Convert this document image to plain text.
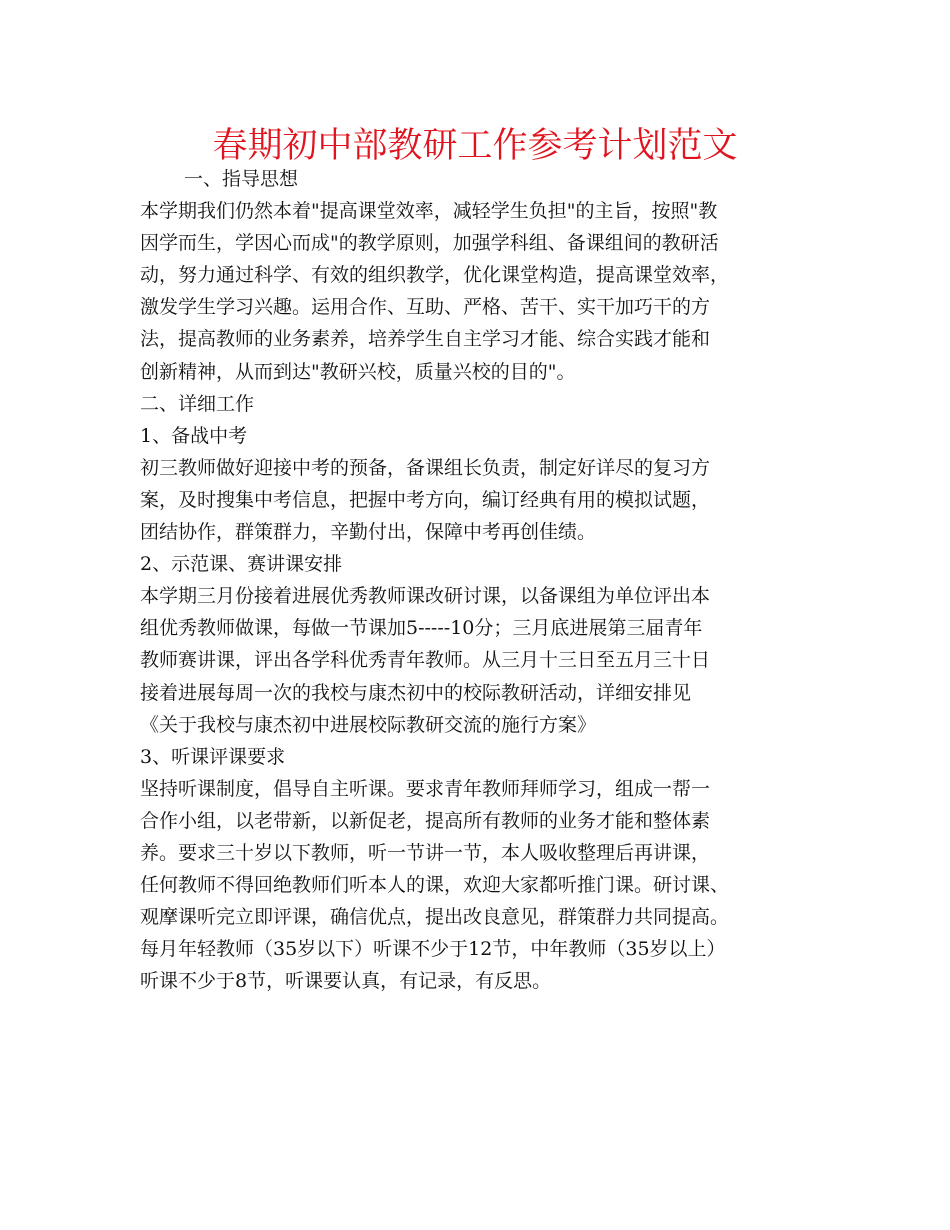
春期初中部教研工作参考计划范文

一、指导思想

本学期我们仍然本着"提高课堂效率，减轻学生负担"的主旨，按照"教

因学而生，学因心而成"的教学原则，加强学科组、备课组间的教研活

动，努力通过科学、有效的组织教学，优化课堂构造，提高课堂效率，

激发学生学习兴趣。运用合作、互助、严格、苦干、实干加巧干的方

法，提高教师的业务素养，培养学生自主学习才能、综合实践才能和

创新精神，从而到达"教研兴校，质量兴校的目的"。

二、详细工作

1、备战中考

初三教师做好迎接中考的预备，备课组长负责，制定好详尽的复习方

案，及时搜集中考信息，把握中考方向，编订经典有用的模拟试题，

团结协作，群策群力，辛勤付出，保障中考再创佳绩。

2、示范课、赛讲课安排

本学期三月份接着进展优秀教师课改研讨课，以备课组为单位评出本

组优秀教师做课，每做一节课加5-----10分；三月底进展第三届青年

教师赛讲课，评出各学科优秀青年教师。从三月十三日至五月三十日

接着进展每周一次的我校与康杰初中的校际教研活动，详细安排见

《关于我校与康杰初中进展校际教研交流的施行方案》

3、听课评课要求

坚持听课制度，倡导自主听课。要求青年教师拜师学习，组成一帮一

合作小组，以老带新，以新促老，提高所有教师的业务才能和整体素

养。要求三十岁以下教师，听一节讲一节，本人吸收整理后再讲课，

任何教师不得回绝教师们听本人的课，欢迎大家都听推门课。研讨课、

观摩课听完立即评课，确信优点，提出改良意见，群策群力共同提高。

每月年轻教师（35岁以下）听课不少于12节，中年教师（35岁以上）

听课不少于8节，听课要认真，有记录，有反思。
